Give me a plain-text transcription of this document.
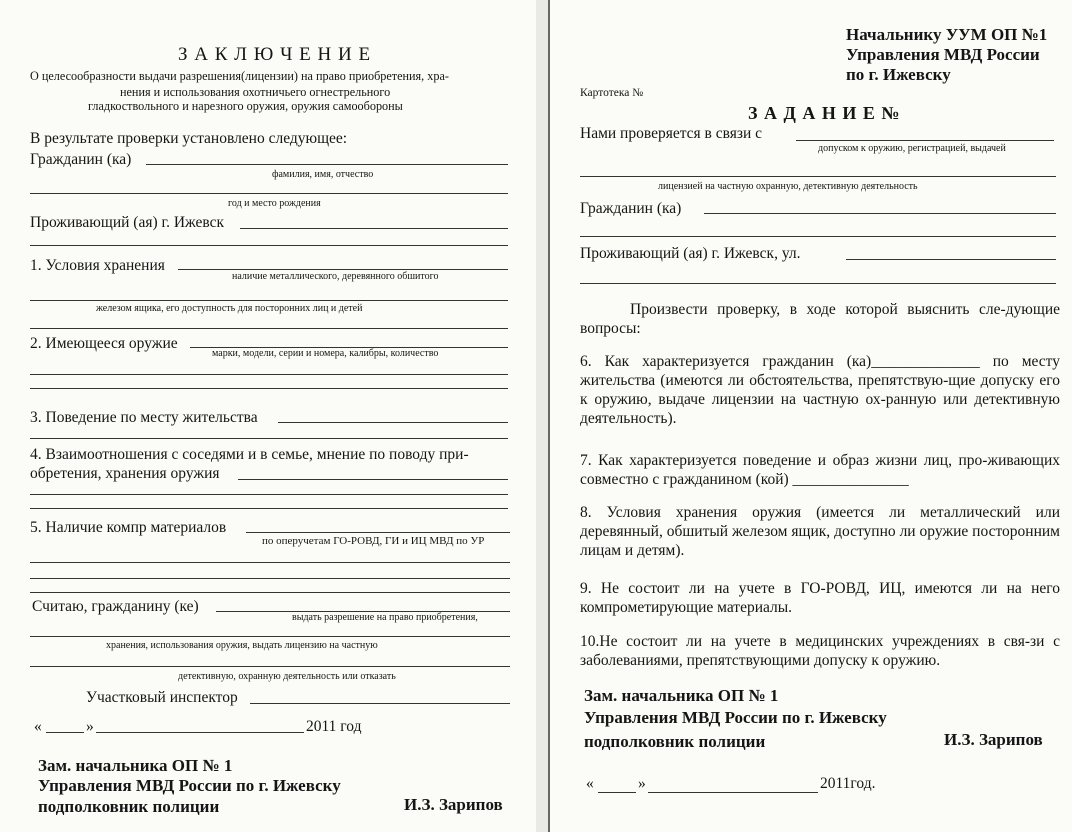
З А К Л Ю Ч Е Н И Е
О целесообразности выдачи разрешения(лицензии) на право приобретения, хра-
нения и использования охотничьего огнестрельного
гладкоствольного и нарезного оружия, оружия самообороны
В результате проверки установлено следующее:
Гражданин (ка)
фамилия, имя, отчество
год и место рождения
Проживающий (ая) г. Ижевск
1. Условия хранения
наличие металлического, деревянного обшитого
железом ящика, его доступность для посторонних лиц и детей
2. Имеющееся оружие
марки, модели, серии и номера, калибры, количество
3. Поведение по месту жительства
4. Взаимоотношения с соседями и в семье, мнение по поводу при-
обретения, хранения оружия
5. Наличие компр материалов
по оперучетам ГО-РОВД, ГИ и ИЦ МВД по УР
Считаю, гражданину (ке)
выдать разрешение на право приобретения,
хранения, использования оружия, выдать лицензию на частную
детективную, охранную деятельность или отказать
Участковый инспектор
«	»	2011 год
Зам. начальника ОП № 1
Управления МВД России по г. Ижевску
подполковник полиции	И.З. Зарипов
Начальнику УУМ ОП №1
Управления МВД России
по г. Ижевску
Картотека №
З А Д А Н И Е №
Нами проверяется в связи с
допуском к оружию, регистрацией, выдачей
лицензией на частную охранную, детективную деятельность
Гражданин (ка)
Проживающий (ая) г. Ижевск, ул.
Произвести проверку, в ходе которой выяснить сле-дующие вопросы:
6. Как характеризуется гражданин (ка)______________ по месту жительства (имеются ли обстоятельства, препятствую-щие допуску его к оружию, выдаче лицензии на частную ох-ранную или детективную деятельность).
7. Как характеризуется поведение и образ жизни лиц, про-живающих совместно с гражданином (кой) _______________
8. Условия хранения оружия (имеется ли металлический или деревянный, обшитый железом ящик, доступно ли оружие посторонним лицам и детям).
9. Не состоит ли на учете в ГО-РОВД, ИЦ, имеются ли на него компрометирующие материалы.
10.Не состоит ли на учете в медицинских учреждениях в свя-зи с заболеваниями, препятствующими допуску к оружию.
Зам. начальника ОП № 1
Управления МВД России по г. Ижевску
подполковник полиции	И.З. Зарипов
«	»	2011год.
